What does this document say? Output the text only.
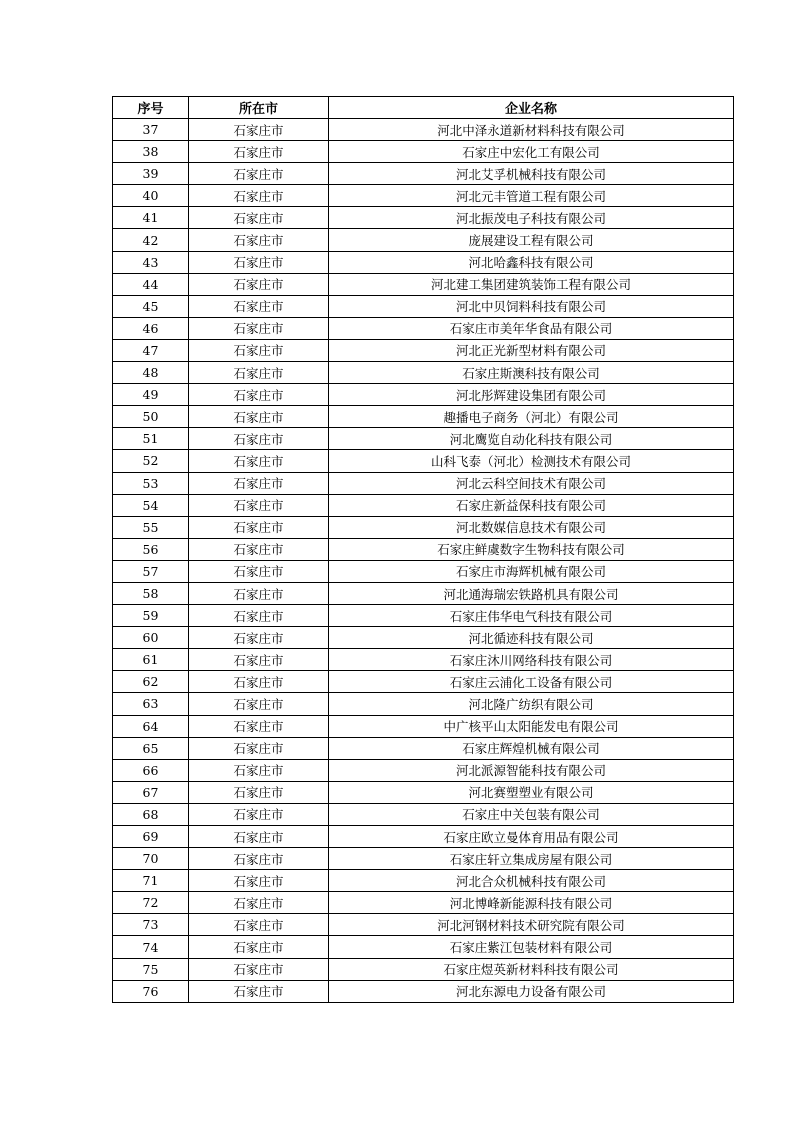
序号	所在市	企业名称
37	石家庄市	河北中泽永道新材料科技有限公司
38	石家庄市	石家庄中宏化工有限公司
39	石家庄市	河北艾孚机械科技有限公司
40	石家庄市	河北元丰管道工程有限公司
41	石家庄市	河北振茂电子科技有限公司
42	石家庄市	庞展建设工程有限公司
43	石家庄市	河北哈鑫科技有限公司
44	石家庄市	河北建工集团建筑装饰工程有限公司
45	石家庄市	河北中贝饲料科技有限公司
46	石家庄市	石家庄市美年华食品有限公司
47	石家庄市	河北正光新型材料有限公司
48	石家庄市	石家庄斯澳科技有限公司
49	石家庄市	河北彤辉建设集团有限公司
50	石家庄市	趣播电子商务（河北）有限公司
51	石家庄市	河北鹰览自动化科技有限公司
52	石家庄市	山科飞泰（河北）检测技术有限公司
53	石家庄市	河北云科空间技术有限公司
54	石家庄市	石家庄新益保科技有限公司
55	石家庄市	河北数媒信息技术有限公司
56	石家庄市	石家庄鲜虞数字生物科技有限公司
57	石家庄市	石家庄市海辉机械有限公司
58	石家庄市	河北通海瑞宏铁路机具有限公司
59	石家庄市	石家庄伟华电气科技有限公司
60	石家庄市	河北循迹科技有限公司
61	石家庄市	石家庄沐川网络科技有限公司
62	石家庄市	石家庄云浦化工设备有限公司
63	石家庄市	河北隆广纺织有限公司
64	石家庄市	中广核平山太阳能发电有限公司
65	石家庄市	石家庄辉煌机械有限公司
66	石家庄市	河北派源智能科技有限公司
67	石家庄市	河北赛塑塑业有限公司
68	石家庄市	石家庄中关包装有限公司
69	石家庄市	石家庄欧立曼体育用品有限公司
70	石家庄市	石家庄轩立集成房屋有限公司
71	石家庄市	河北合众机械科技有限公司
72	石家庄市	河北博峰新能源科技有限公司
73	石家庄市	河北河钢材料技术研究院有限公司
74	石家庄市	石家庄紫江包装材料有限公司
75	石家庄市	石家庄煜英新材料科技有限公司
76	石家庄市	河北东源电力设备有限公司
